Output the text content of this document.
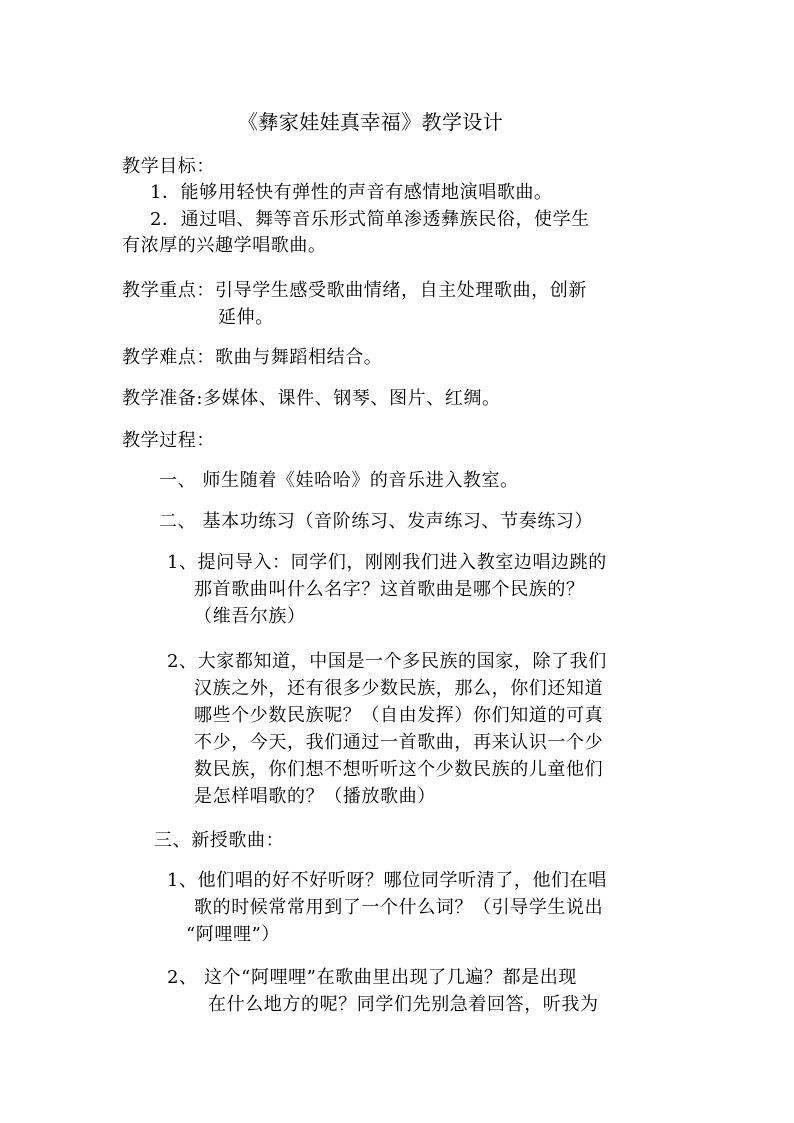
《彝家娃娃真幸福》教学设计
教学目标：
1．能够用轻快有弹性的声音有感情地演唱歌曲。
2．通过唱、舞等音乐形式简单渗透彝族民俗，使学生
有浓厚的兴趣学唱歌曲。
教学重点：引导学生感受歌曲情绪，自主处理歌曲，创新
延伸。
教学难点：歌曲与舞蹈相结合。
教学准备:多媒体、课件、钢琴、图片、红绸。
教学过程：
一、 师生随着《娃哈哈》的音乐进入教室。
二、 基本功练习（音阶练习、发声练习、节奏练习）
1、提问导入：同学们，刚刚我们进入教室边唱边跳的
那首歌曲叫什么名字？这首歌曲是哪个民族的？
（维吾尔族）
2、大家都知道，中国是一个多民族的国家，除了我们
汉族之外，还有很多少数民族，那么，你们还知道
哪些个少数民族呢？（自由发挥）你们知道的可真
不少，今天，我们通过一首歌曲，再来认识一个少
数民族，你们想不想听听这个少数民族的儿童他们
是怎样唱歌的？（播放歌曲）
三、新授歌曲：
1、他们唱的好不好听呀？哪位同学听清了，他们在唱
歌的时候常常用到了一个什么词？（引导学生说出
“阿哩哩”）
2、 这个“阿哩哩”在歌曲里出现了几遍？都是出现
在什么地方的呢？同学们先别急着回答，听我为
